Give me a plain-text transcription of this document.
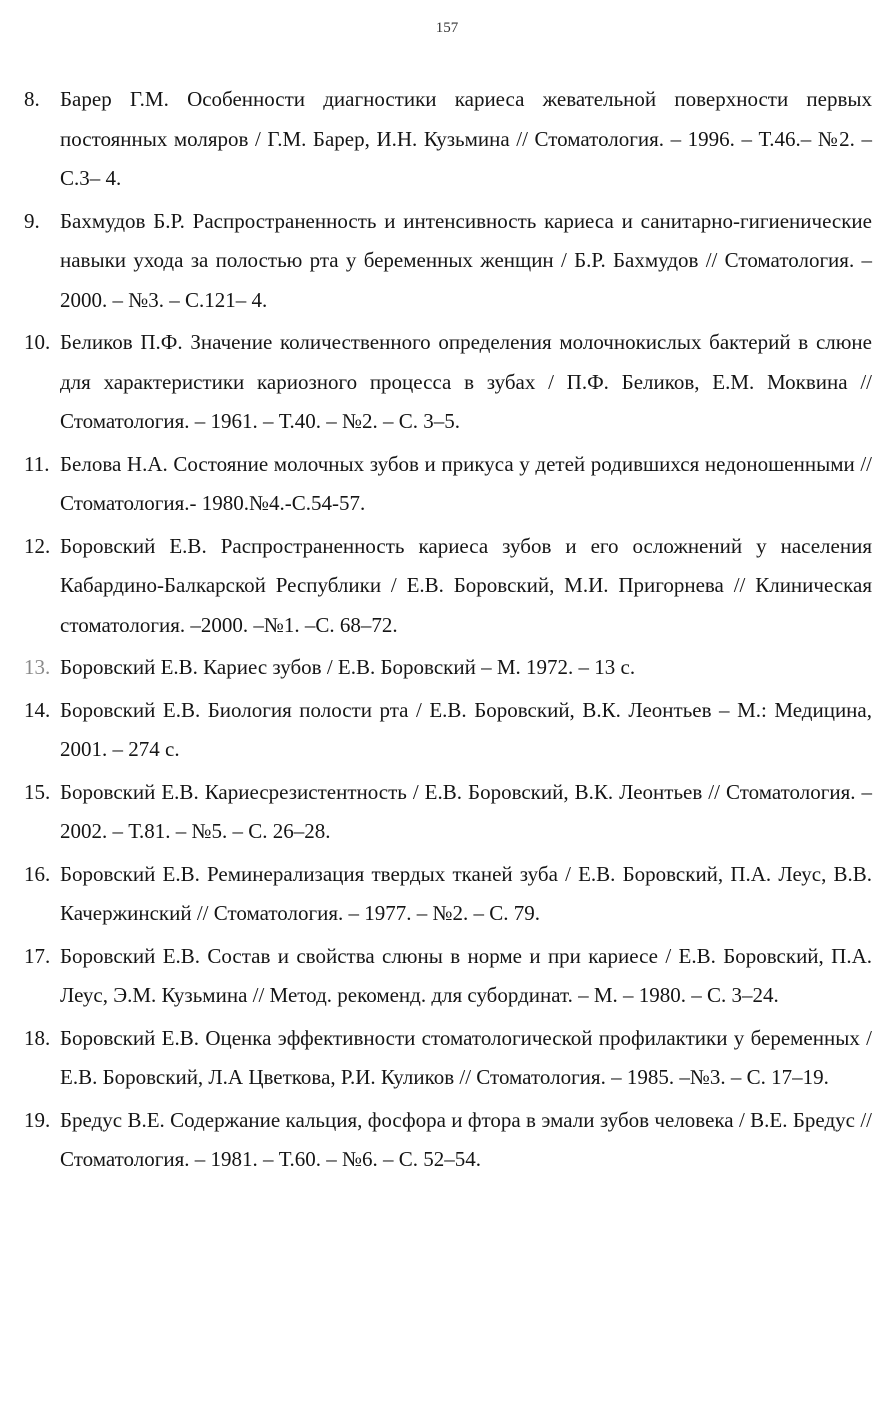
157
8. Барер Г.М. Особенности диагностики кариеса жевательной поверхности первых постоянных моляров / Г.М. Барер, И.Н. Кузьмина // Стоматология. – 1996. – Т.46.– №2. – С.3– 4.
9. Бахмудов Б.Р. Распространенность и интенсивность кариеса и санитарно-гигиенические навыки ухода за полостью рта у беременных женщин / Б.Р. Бахмудов // Стоматология. – 2000. – №3. – С.121– 4.
10. Беликов П.Ф. Значение количественного определения молочнокислых бактерий в слюне для характеристики кариозного процесса в зубах / П.Ф. Беликов, Е.М. Моквина // Стоматология. – 1961. – Т.40. – №2. – С. 3–5.
11. Белова Н.А. Состояние молочных зубов и прикуса у детей родившихся недоношенными // Стоматология.- 1980.№4.-С.54-57.
12. Боровский Е.В. Распространенность кариеса зубов и его осложнений у населения Кабардино-Балкарской Республики / Е.В. Боровский, М.И. Пригорнева // Клиническая стоматология. –2000. –№1. –С. 68–72.
13. Боровский Е.В. Кариес зубов / Е.В. Боровский – М. 1972. – 13 с.
14. Боровский Е.В. Биология полости рта / Е.В. Боровский, В.К. Леонтьев – М.: Медицина, 2001. – 274 с.
15. Боровский Е.В. Кариесрезистентность / Е.В. Боровский, В.К. Леонтьев // Стоматология. – 2002. – Т.81. – №5. – С. 26–28.
16. Боровский Е.В. Реминерализация твердых тканей зуба / Е.В. Боровский, П.А. Леус, В.В. Качержинский // Стоматология. – 1977. – №2. – С. 79.
17. Боровский Е.В. Состав и свойства слюны в норме и при кариесе / Е.В. Боровский, П.А. Леус, Э.М. Кузьмина // Метод. рекоменд. для субординат. – М. – 1980. – С. 3–24.
18. Боровский Е.В. Оценка эффективности стоматологической профилактики у беременных / Е.В. Боровский, Л.А Цветкова, Р.И. Куликов // Стоматология. – 1985. –№3. – С. 17–19.
19. Бредус В.Е. Содержание кальция, фосфора и фтора в эмали зубов человека / В.Е. Бредус // Стоматология. – 1981. – Т.60. – №6. – С. 52–54.
